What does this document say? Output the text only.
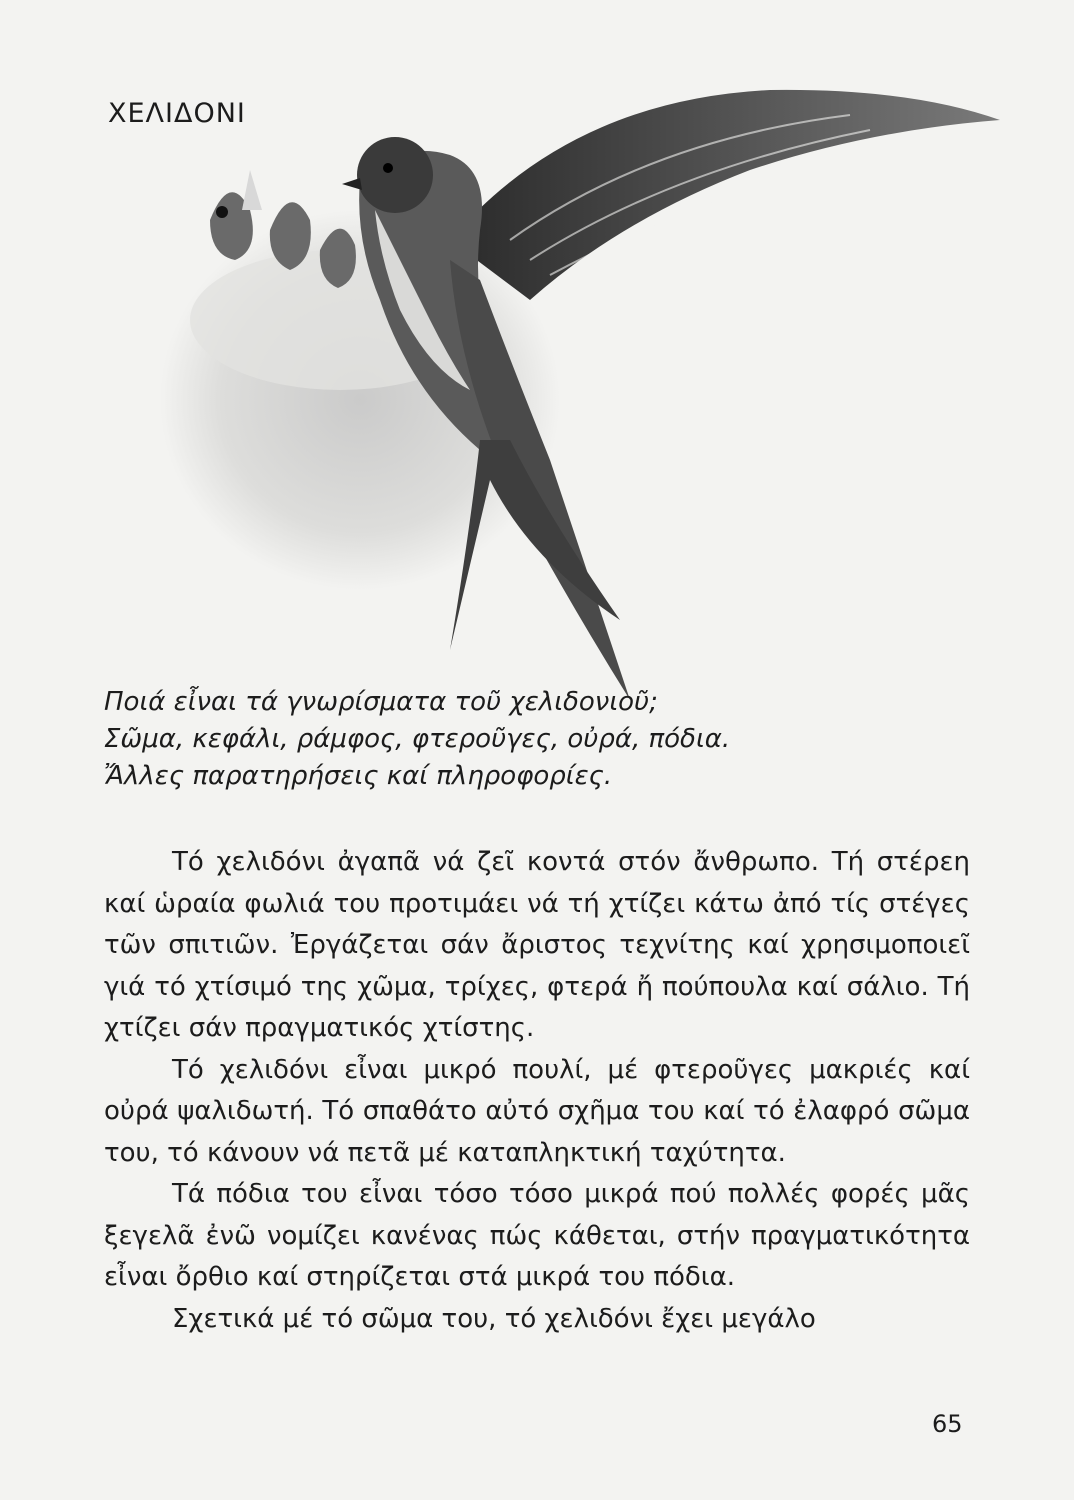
ΧΕΛΙΔΟΝΙ
Ποιά εἶναι τά γνωρίσματα τοῦ χελιδονιοῦ;
Σῶμα, κεφάλι, ράμφος, φτεροῦγες, οὐρά, πόδια.
Ἄλλες παρατηρήσεις καί πληροφορίες.

Τό χελιδόνι ἀγαπᾶ νά ζεῖ κοντά στόν ἄνθρωπο. Τή στέρεη καί ὡραία φωλιά του προτιμάει νά τή χτίζει κάτω ἀπό τίς στέγες τῶν σπιτιῶν. Ἐργάζεται σάν ἄριστος τεχνίτης καί χρησιμοποιεῖ γιά τό χτίσιμό της χῶμα, τρίχες, φτερά ἤ πούπουλα καί σάλιο. Τή χτίζει σάν πραγματικός χτίστης.

Τό χελιδόνι εἶναι μικρό πουλί, μέ φτεροῦγες μακριές καί οὐρά ψαλιδωτή. Τό σπαθάτο αὐτό σχῆμα του καί τό ἐλαφρό σῶμα του, τό κάνουν νά πετᾶ μέ καταπληκτική ταχύτητα.

Τά πόδια του εἶναι τόσο τόσο μικρά πού πολλές φορές μᾶς ξεγελᾶ ἐνῶ νομίζει κανένας πώς κάθεται, στήν πραγματικότητα εἶναι ὄρθιο καί στηρίζεται στά μικρά του πόδια.

Σχετικά μέ τό σῶμα του, τό χελιδόνι ἔχει μεγάλο

65
